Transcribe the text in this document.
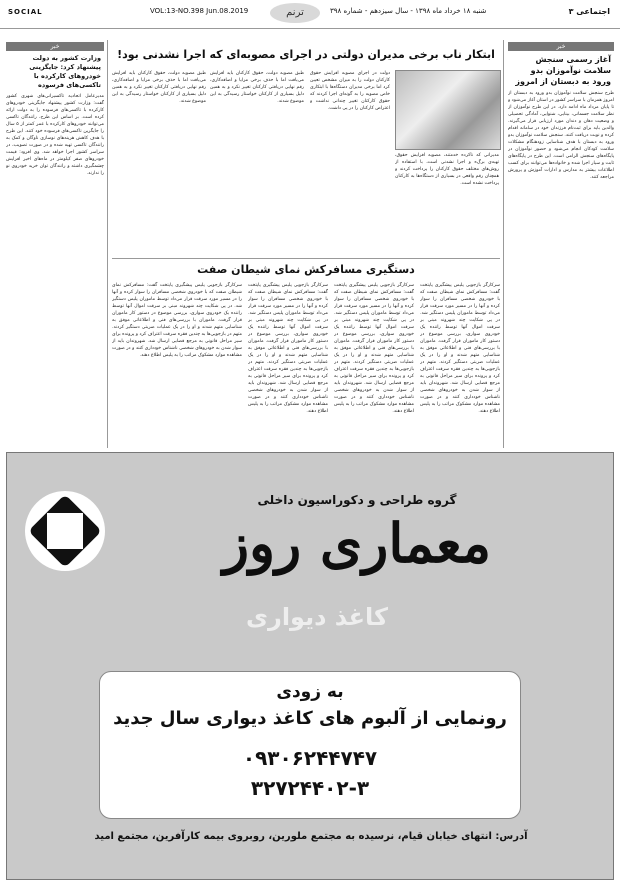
SOCIAL	VOL:13-NO.398 Jun.08.2019	ترنم	شنبه ۱۸ خرداد ماه ۱۳۹۸ - سال سیزدهم - شماره ۳۹۸	اجتماعی ۳
خبر
آغاز رسمی سنجش سلامت نوآموزان بدو ورود به دبستان از امروز
طرح سنجش سلامت نوآموزان بدو ورود به دبستان از امروز همزمان با سراسر کشور در استان آغاز می‌شود و تا پایان مرداد ماه ادامه دارد. در این طرح نوآموزان از نظر سلامت جسمانی، بینایی، شنوایی، آمادگی تحصیلی و وضعیت دهان و دندان مورد ارزیابی قرار می‌گیرند. والدین باید برای ثبت‌نام فرزندان خود در سامانه اقدام کرده و نوبت دریافت کنند. سنجش سلامت نوآموزان بدو ورود به دبستان با هدف شناسایی زودهنگام مشکلات سلامت کودکان انجام می‌شود و حضور نوآموزان در پایگاه‌های سنجش الزامی است. این طرح در پایگاه‌های ثابت و سیار اجرا شده و خانواده‌ها می‌توانند برای کسب اطلاعات بیشتر به مدارس و ادارات آموزش و پرورش مراجعه کنند.
ابتکار ناب برخی مدیران دولتی در اجرای مصوبه‌ای که اجرا نشدنی بود!
مدیرانی که ناکرده خدمتند، مصوبه افزایش حقوق، تهیه‌ی برگ‌ه و اجرا نشدنی است، با استفاده از روش‌های مختلف حقوق کارکنان را پرداخت کردند و همچنان رقم واقعی در بسیاری از دستگاه‌ها به کارکنان پرداخت نشده است.
دولت در اجرای مصوبه افزایش حقوق کارکنان دولت را به میزان مشخص تعیین کرد اما برخی مدیران دستگاه‌ها با ابتکاری خاص مصوبه را به گونه‌ای اجرا کردند که حقوق کارکنان تغییر چندانی نداشت و اعتراض کارکنان را در پی داشت.
طبق مصوبه دولت، حقوق کارکنان باید افزایش می‌یافت اما با حذف برخی مزایا و اضافه‌کاری، رقم نهایی دریافتی کارکنان تغییر نکرد و به همین دلیل بسیاری از کارکنان خواستار رسیدگی به این موضوع شدند.
طبق مصوبه دولت، حقوق کارکنان باید افزایش می‌یافت اما با حذف برخی مزایا و اضافه‌کاری، رقم نهایی دریافتی کارکنان تغییر نکرد و به همین دلیل بسیاری از کارکنان خواستار رسیدگی به این موضوع شدند.
دستگیری مسافرکش نمای شیطان صفت
سرکارگر بازجویی پلیس پیشگیری پایتخت گفت: مسافرکش نمای شیطان صفت که با خودروی شخصی مسافران را سوار کرده و آنها را در مسیر مورد سرقت قرار می‌داد توسط ماموران پلیس دستگیر شد. در پی شکایت چند شهروند مبنی بر سرقت اموال آنها توسط راننده یک خودروی سواری، بررسی موضوع در دستور کار ماموران قرار گرفت. ماموران با بررسی‌های فنی و اطلاعاتی موفق به شناسایی متهم شدند و او را در یک عملیات ضربتی دستگیر کردند. متهم در بازجویی‌ها به چندین فقره سرقت اعتراف کرد و پرونده برای سیر مراحل قانونی به مرجع قضایی ارسال شد. شهروندان باید از سوار شدن به خودروهای شخصی ناشناس خودداری کنند و در صورت مشاهده موارد مشکوک مراتب را به پلیس اطلاع دهند.
سرکارگر بازجویی پلیس پیشگیری پایتخت گفت: مسافرکش نمای شیطان صفت که با خودروی شخصی مسافران را سوار کرده و آنها را در مسیر مورد سرقت قرار می‌داد توسط ماموران پلیس دستگیر شد. در پی شکایت چند شهروند مبنی بر سرقت اموال آنها توسط راننده یک خودروی سواری، بررسی موضوع در دستور کار ماموران قرار گرفت. ماموران با بررسی‌های فنی و اطلاعاتی موفق به شناسایی متهم شدند و او را در یک عملیات ضربتی دستگیر کردند. متهم در بازجویی‌ها به چندین فقره سرقت اعتراف کرد و پرونده برای سیر مراحل قانونی به مرجع قضایی ارسال شد. شهروندان باید از سوار شدن به خودروهای شخصی ناشناس خودداری کنند و در صورت مشاهده موارد مشکوک مراتب را به پلیس اطلاع دهند.
سرکارگر بازجویی پلیس پیشگیری پایتخت گفت: مسافرکش نمای شیطان صفت که با خودروی شخصی مسافران را سوار کرده و آنها را در مسیر مورد سرقت قرار می‌داد توسط ماموران پلیس دستگیر شد. در پی شکایت چند شهروند مبنی بر سرقت اموال آنها توسط راننده یک خودروی سواری، بررسی موضوع در دستور کار ماموران قرار گرفت. ماموران با بررسی‌های فنی و اطلاعاتی موفق به شناسایی متهم شدند و او را در یک عملیات ضربتی دستگیر کردند. متهم در بازجویی‌ها به چندین فقره سرقت اعتراف کرد و پرونده برای سیر مراحل قانونی به مرجع قضایی ارسال شد. شهروندان باید از سوار شدن به خودروهای شخصی ناشناس خودداری کنند و در صورت مشاهده موارد مشکوک مراتب را به پلیس اطلاع دهند.
سرکارگر بازجویی پلیس پیشگیری پایتخت گفت: مسافرکش نمای شیطان صفت که با خودروی شخصی مسافران را سوار کرده و آنها را در مسیر مورد سرقت قرار می‌داد توسط ماموران پلیس دستگیر شد. در پی شکایت چند شهروند مبنی بر سرقت اموال آنها توسط راننده یک خودروی سواری، بررسی موضوع در دستور کار ماموران قرار گرفت. ماموران با بررسی‌های فنی و اطلاعاتی موفق به شناسایی متهم شدند و او را در یک عملیات ضربتی دستگیر کردند. متهم در بازجویی‌ها به چندین فقره سرقت اعتراف کرد و پرونده برای سیر مراحل قانونی به مرجع قضایی ارسال شد. شهروندان باید از سوار شدن به خودروهای شخصی ناشناس خودداری کنند و در صورت مشاهده موارد مشکوک مراتب را به پلیس اطلاع دهند.
خبر
وزارت کشور به دولت پیشنهاد کرد: جایگزینی خودروهای کارکرده با تاکسی‌های فرسوده
مدیرعامل اتحادیه تاکسیرانی‌های شهری کشور گفت: وزارت کشور پیشنهاد جایگزینی خودروهای کارکرده با تاکسی‌های فرسوده را به دولت ارائه کرده است. بر اساس این طرح، رانندگان تاکسی می‌توانند خودروهای کارکرده با عمر کمتر از ۵ سال را جایگزین تاکسی‌های فرسوده خود کنند. این طرح با هدف کاهش هزینه‌های نوسازی ناوگان و کمک به رانندگان تاکسی تهیه شده و در صورت تصویب، در سراسر کشور اجرا خواهد شد. وی افزود: قیمت خودروهای صفر کیلومتر در ماه‌های اخیر افزایش چشمگیری داشته و رانندگان توان خرید خودروی نو را ندارند.
گروه طراحی و دکوراسیون داخلی
معماری روز
کاغذ دیواری
به زودی
رونمایی از آلبوم های کاغذ دیواری سال جدید
۰۹۳۰۶۲۴۴۷۴۷
۳۲۷۲۴۴۰۲-۳
آدرس: انتهای خیابان قیام، نرسیده به مجتمع ملورین، روبروی بیمه کارآفرین، مجتمع امید
